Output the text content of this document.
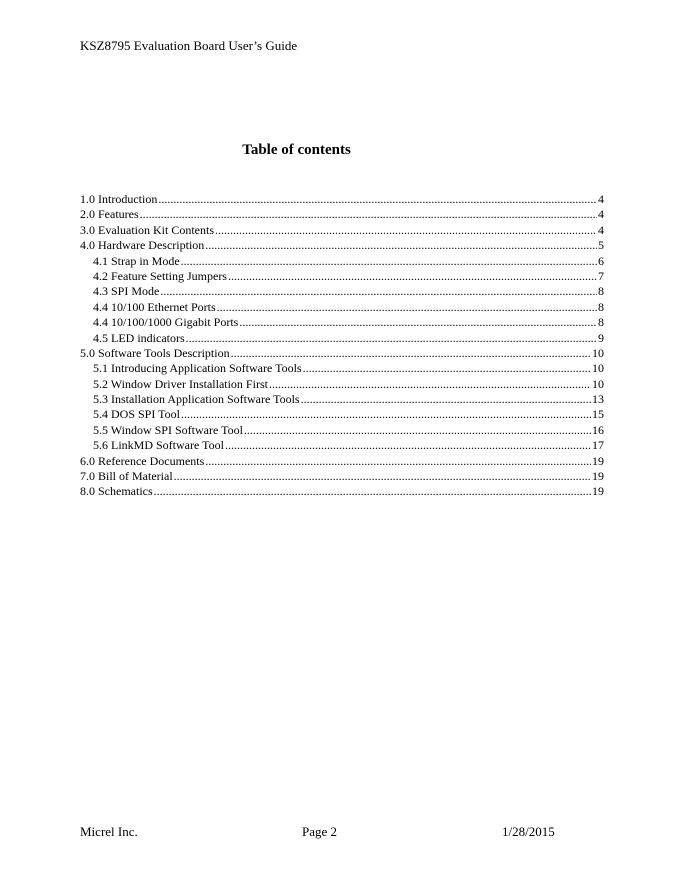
KSZ8795 Evaluation Board User’s Guide
Table of contents
1.0 Introduction .....	4
2.0 Features .....	4
3.0 Evaluation Kit Contents .....	4
4.0 Hardware Description .....	5
4.1 Strap in Mode .....	6
4.2 Feature Setting Jumpers .....	7
4.3 SPI Mode .....	8
4.4 10/100 Ethernet Ports .....	8
4.4 10/100/1000 Gigabit Ports .....	8
4.5 LED indicators .....	9
5.0 Software Tools Description .....	10
5.1 Introducing Application Software Tools .....	10
5.2 Window Driver Installation First .....	10
5.3 Installation Application Software Tools .....	13
5.4 DOS SPI Tool .....	15
5.5 Window SPI Software Tool .....	16
5.6 LinkMD Software Tool .....	17
6.0 Reference Documents .....	19
7.0 Bill of Material .....	19
8.0 Schematics .....	19
Micrel Inc.	Page 2	1/28/2015
